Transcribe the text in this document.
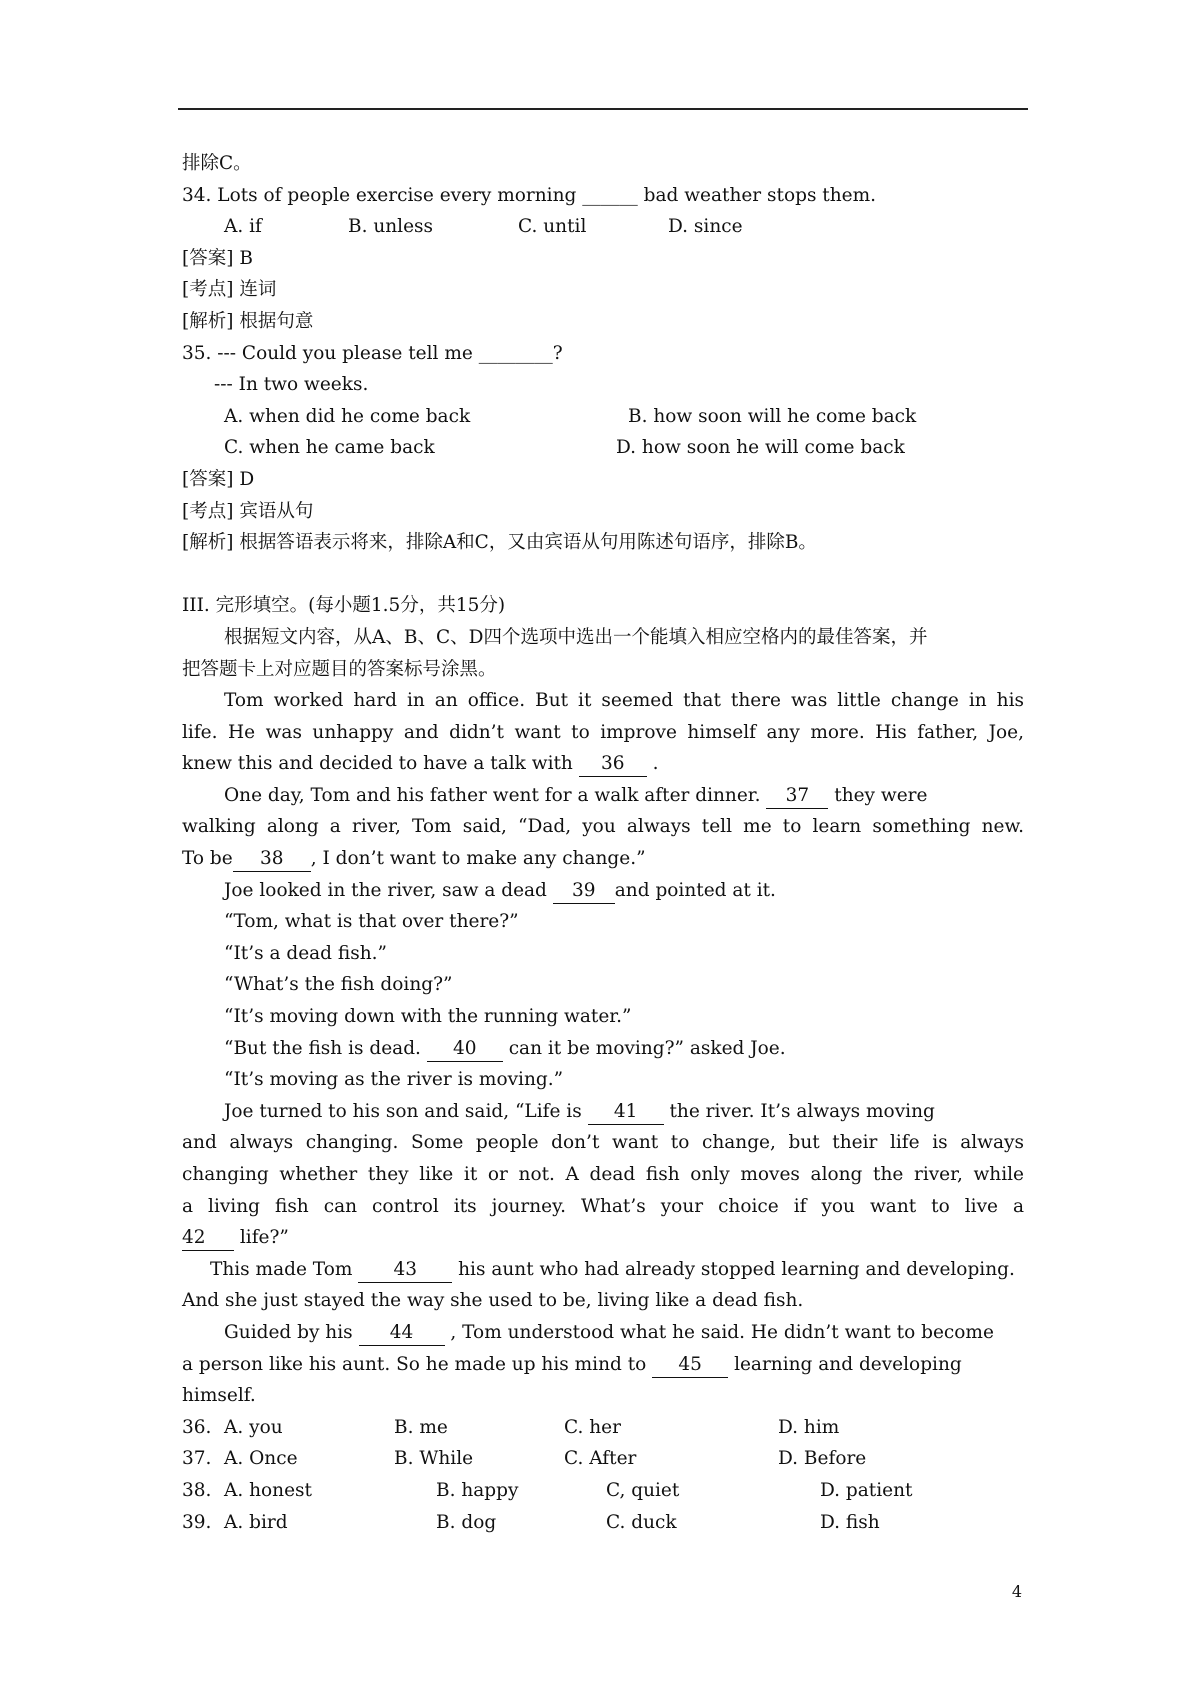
排除C。
34. Lots of people exercise every morning ______ bad weather stops them.
A. if	B. unless	C. until	D. since
[答案] B
[考点] 连词
[解析] 根据句意
35. --- Could you please tell me ________?
--- In two weeks.
A. when did he come back	B. how soon will he come back
C. when he came back	D. how soon he will come back
[答案] D
[考点] 宾语从句
[解析] 根据答语表示将来，排除A和C，又由宾语从句用陈述句语序，排除B。
III. 完形填空。(每小题1.5分，共15分)
根据短文内容，从A、B、C、D四个选项中选出一个能填入相应空格内的最佳答案，并
把答题卡上对应题目的答案标号涂黑。
Tom worked hard in an office. But it seemed that there was little change in his
life. He was unhappy and didn’t want to improve himself any more. His father, Joe,
knew this and decided to have a talk with 36 .
One day, Tom and his father went for a walk after dinner. 37 they were
walking along a river, Tom said, “Dad, you always tell me to learn something new.
To be 38 , I don’t want to make any change.”
Joe looked in the river, saw a dead 39 and pointed at it.
“Tom, what is that over there?”
“It’s a dead fish.”
“What’s the fish doing?”
“It’s moving down with the running water.”
“But the fish is dead. 40 can it be moving?” asked Joe.
“It’s moving as the river is moving.”
Joe turned to his son and said, “Life is 41 the river. It’s always moving
and always changing. Some people don’t want to change, but their life is always
changing whether they like it or not. A dead fish only moves along the river, while
a living fish can control its journey. What’s your choice if you want to live a
42 life?”
This made Tom 43 his aunt who had already stopped learning and developing.
And she just stayed the way she used to be, living like a dead fish.
Guided by his 44 , Tom understood what he said. He didn’t want to become
a person like his aunt. So he made up his mind to 45 learning and developing
himself.
36. A. you	B. me	C. her	D. him
37. A. Once	B. While	C. After	D. Before
38. A. honest	B. happy	C, quiet	D. patient
39. A. bird	B. dog	C. duck	D. fish
4
